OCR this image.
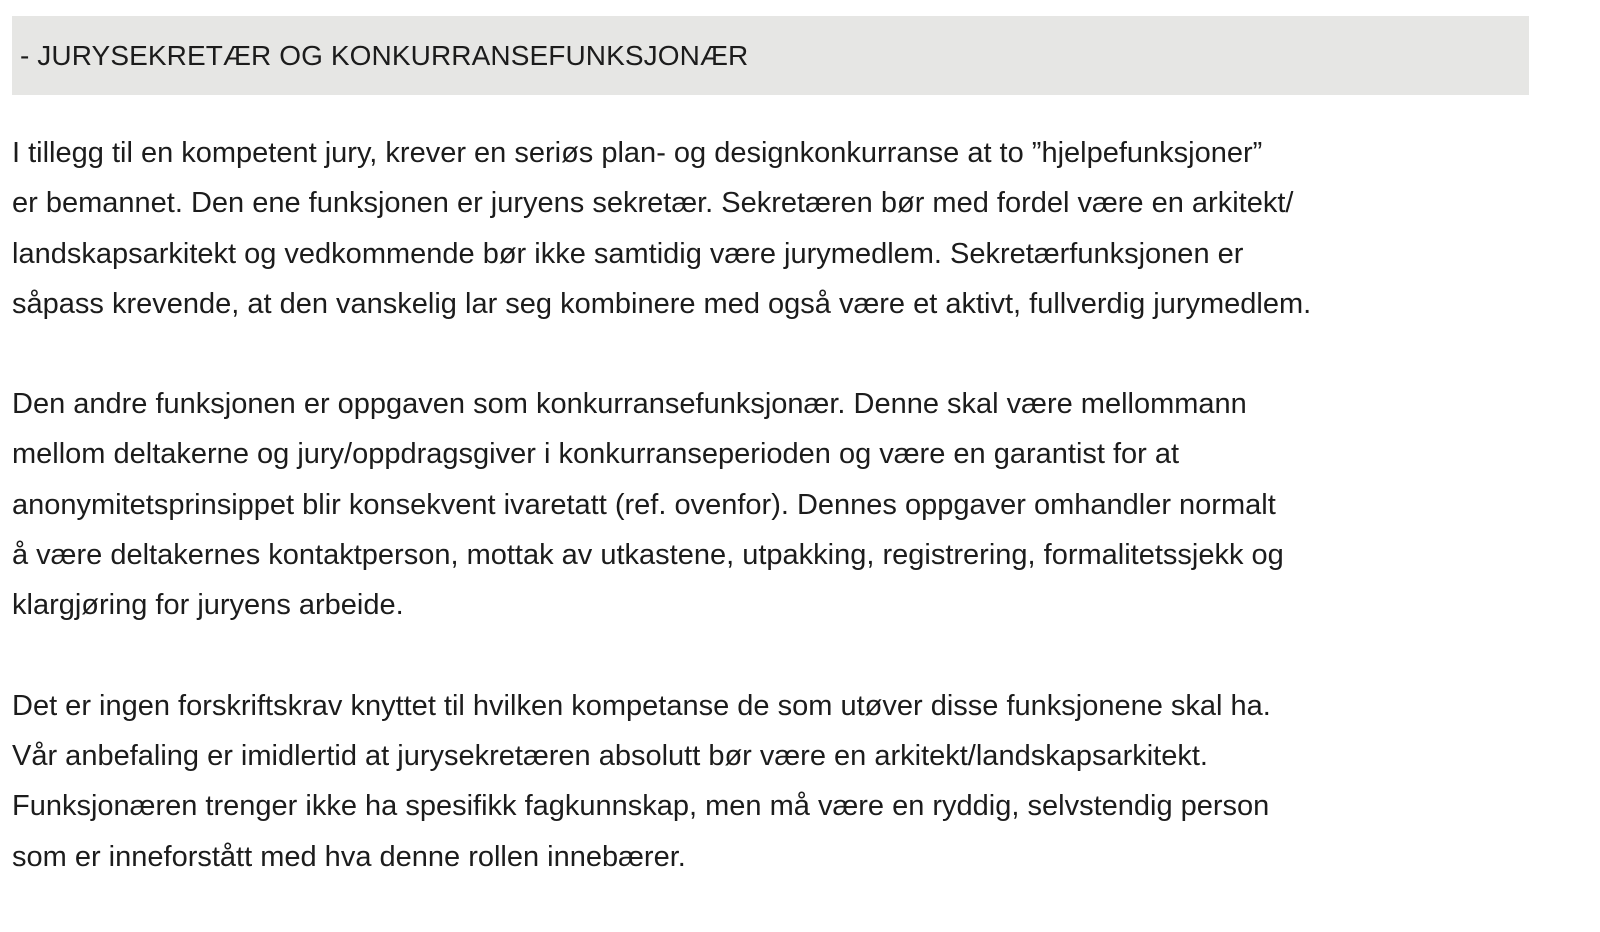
- JURYSEKRETÆR OG KONKURRANSEFUNKSJONÆR

I tillegg til en kompetent jury, krever en seriøs plan- og designkonkurranse at to ”hjelpefunksjoner”
er bemannet. Den ene funksjonen er juryens sekretær. Sekretæren bør med fordel være en arkitekt/
landskapsarkitekt og vedkommende bør ikke samtidig være jurymedlem. Sekretærfunksjonen er
såpass krevende, at den vanskelig lar seg kombinere med også være et aktivt, fullverdig jurymedlem.

Den andre funksjonen er oppgaven som konkurransefunksjonær. Denne skal være mellommann
mellom deltakerne og jury/oppdragsgiver i konkurranseperioden og være en garantist for at
anonymitetsprinsippet blir konsekvent ivaretatt (ref. ovenfor). Dennes oppgaver omhandler normalt
å være deltakernes kontaktperson, mottak av utkastene, utpakking, registrering, formalitetssjekk og
klargjøring for juryens arbeide.

Det er ingen forskriftskrav knyttet til hvilken kompetanse de som utøver disse funksjonene skal ha.
Vår anbefaling er imidlertid at jurysekretæren absolutt bør være en arkitekt/landskapsarkitekt.
Funksjonæren trenger ikke ha spesifikk fagkunnskap, men må være en ryddig, selvstendig person
som er inneforstått med hva denne rollen innebærer.
